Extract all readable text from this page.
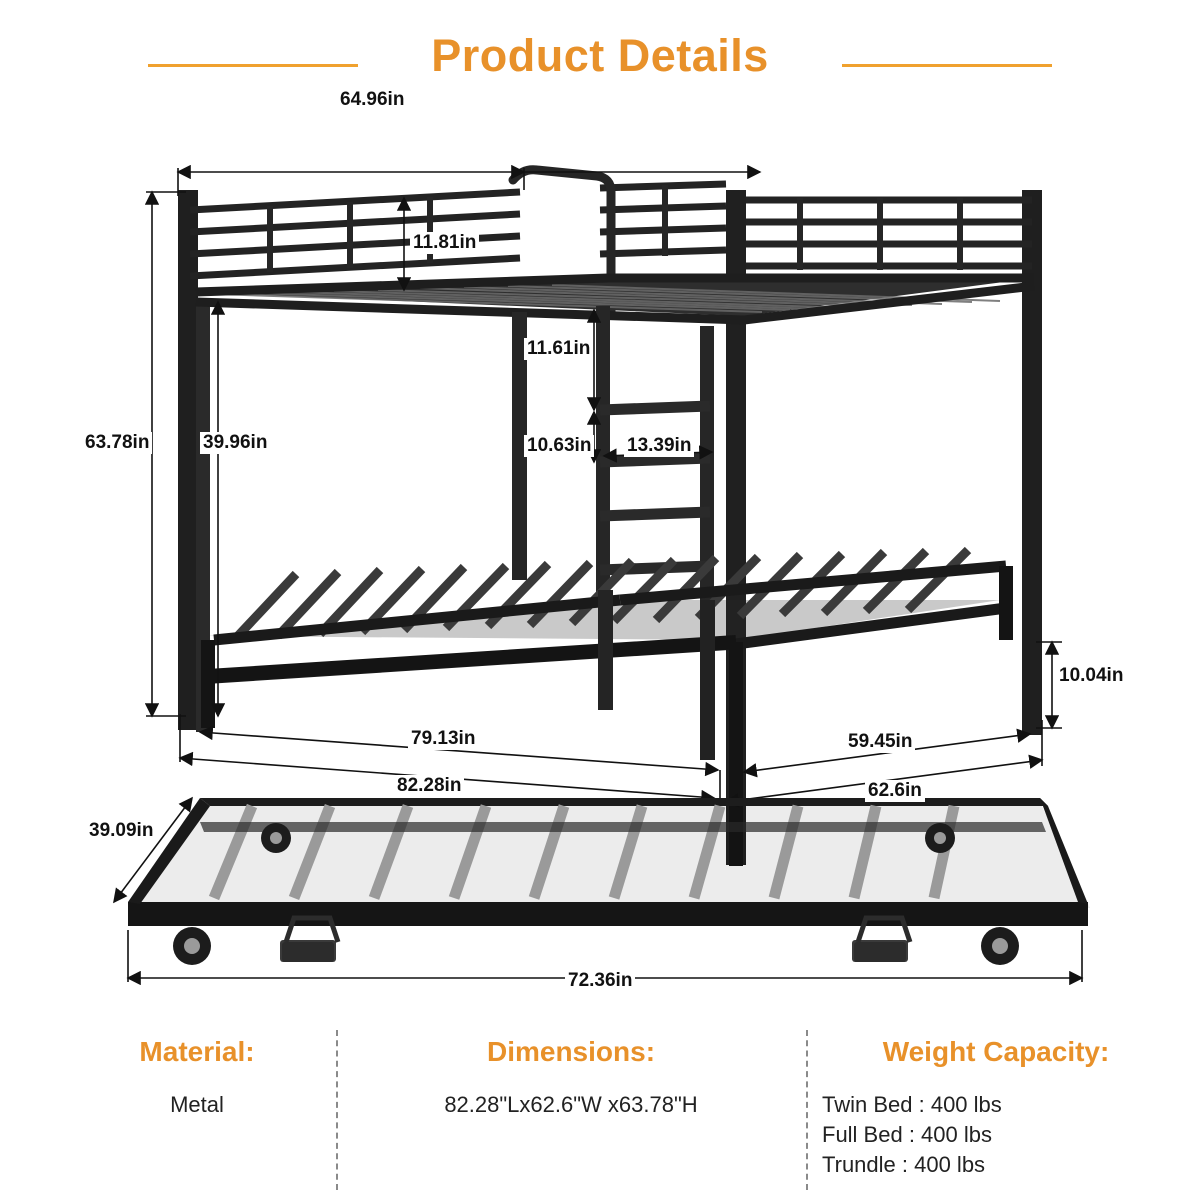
Product Details
64.96in
11.81in
63.78in	39.96in
11.61in
10.63in 13.39in
10.04in
79.13in
82.28in
59.45in
62.6in
39.09in
72.36in
Material:
Metal
Dimensions:
82.28"Lx62.6"W x63.78"H
Weight Capacity:
Twin Bed : 400 lbs
Full Bed : 400 lbs
Trundle : 400 lbs
